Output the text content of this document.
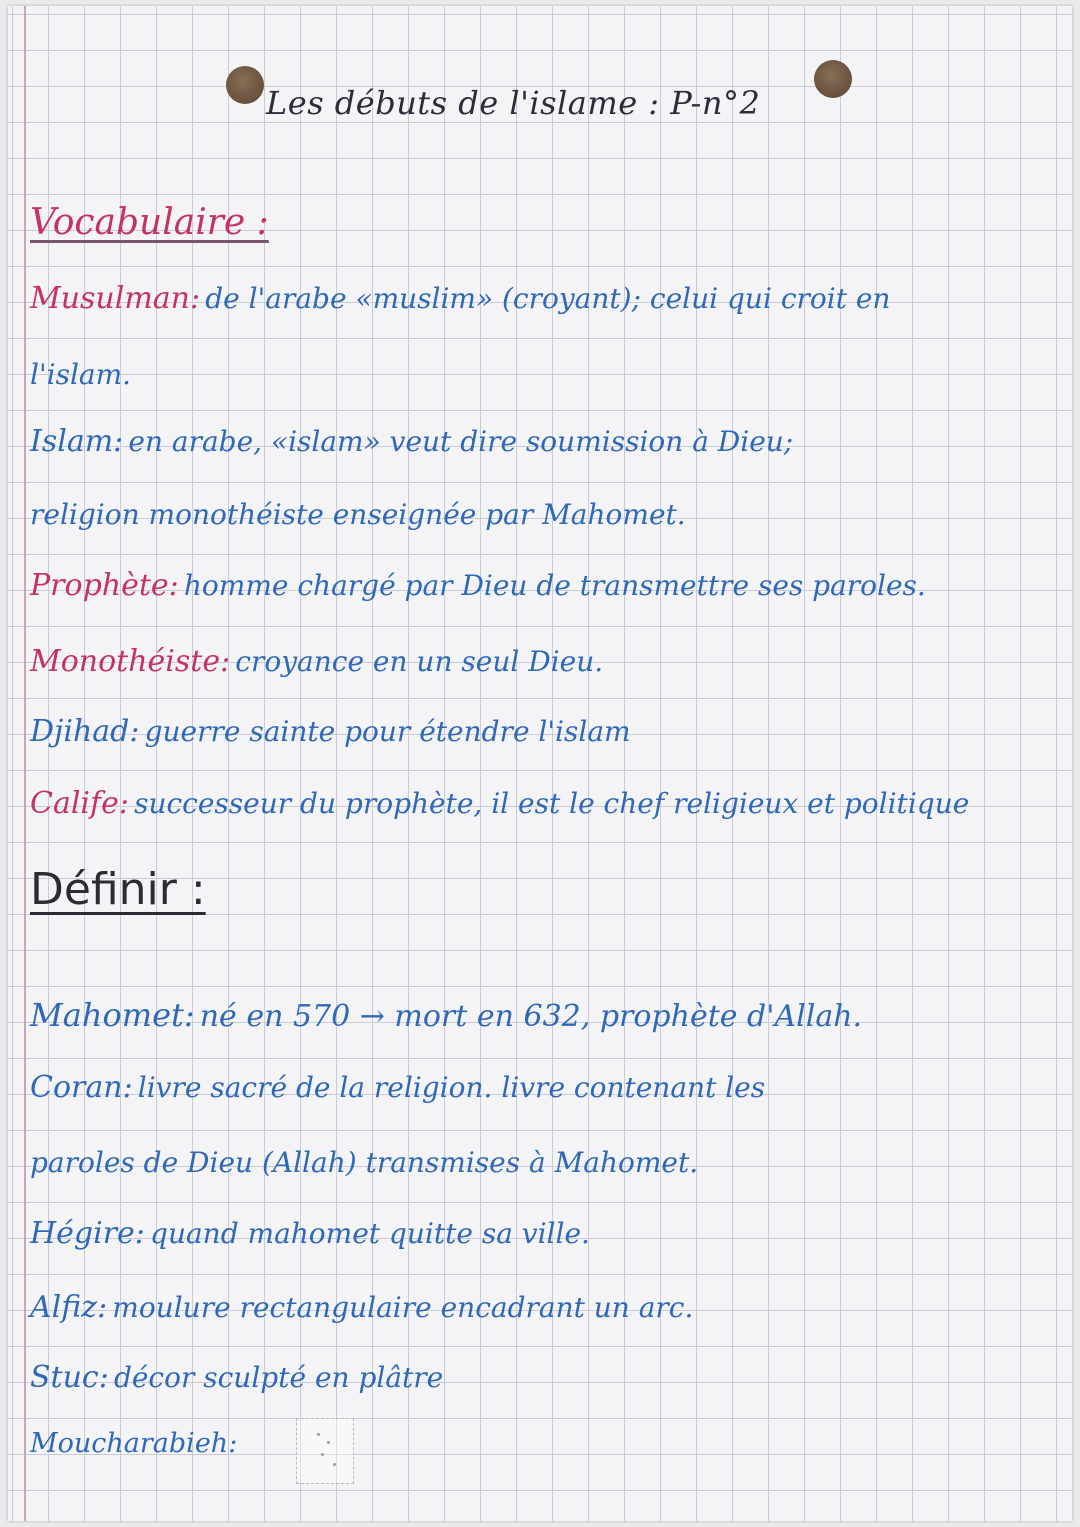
Les débuts de l'islame : P-n°2
Vocabulaire :
Musulman: de l'arabe «muslim» (croyant); celui qui croit en
l'islam.
Islam: en arabe, «islam» veut dire soumission à Dieu;
religion monothéiste enseignée par Mahomet.
Prophète: homme chargé par Dieu de transmettre ses paroles.
Monothéiste: croyance en un seul Dieu.
Djihad: guerre sainte pour étendre l'islam
Calife: successeur du prophète, il est le chef religieux et politique
Définir :
Mahomet: né en 570 → mort en 632, prophète d'Allah.
Coran: livre sacré de la religion. livre contenant les
paroles de Dieu (Allah) transmises à Mahomet.
Hégire: quand mahomet quitte sa ville.
Alfiz: moulure rectangulaire encadrant un arc.
Stuc: décor sculpté en plâtre
Moucharabieh:
